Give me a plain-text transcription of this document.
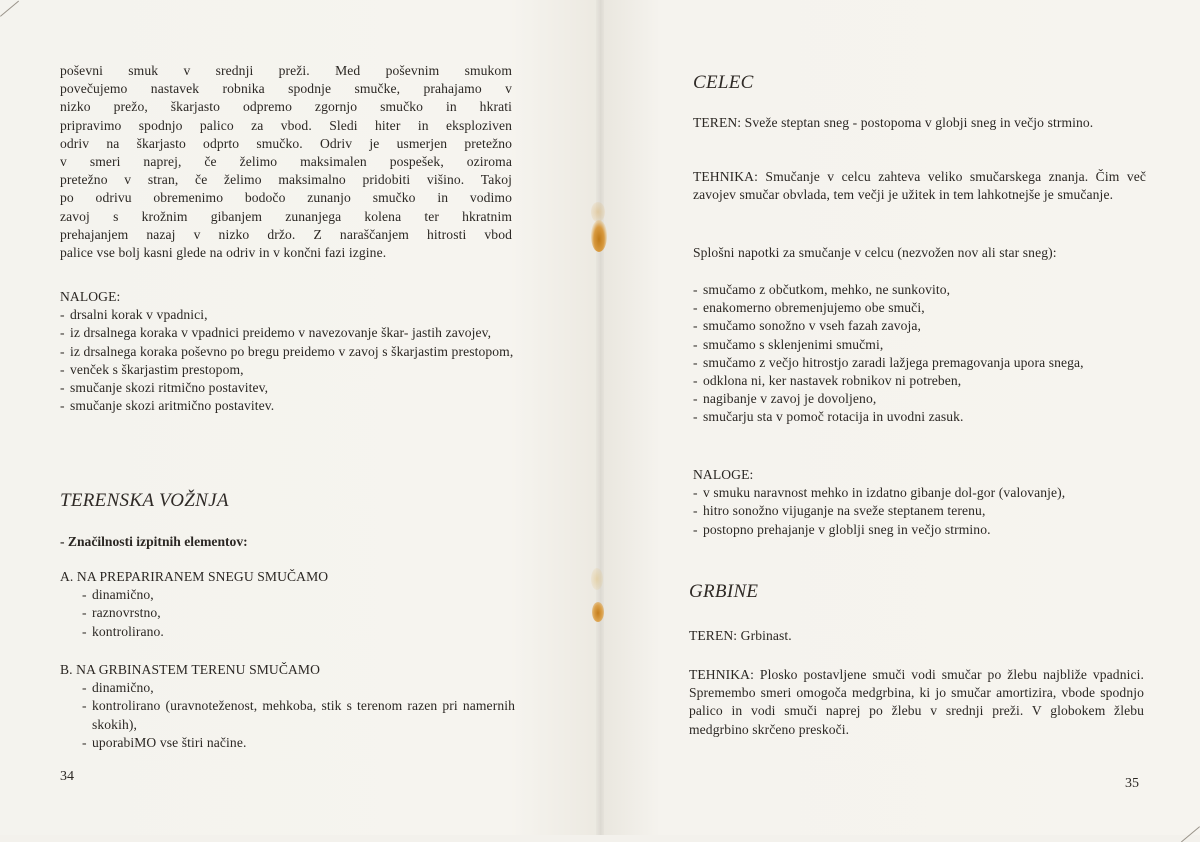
poševni smuk v srednji preži. Med poševnim smukom
povečujemo nastavek robnika spodnje smučke, prahajamo v
nizko prežo, škarjasto odpremo zgornjo smučko in hkrati
pripravimo spodnjo palico za vbod. Sledi hiter in eksploziven
odriv na škarjasto odprto smučko. Odriv je usmerjen pretežno
v smeri naprej, če želimo maksimalen pospešek, oziroma
pretežno v stran, če želimo maksimalno pridobiti višino. Takoj
po odrivu obremenimo bodočo zunanjo smučko in vodimo
zavoj s krožnim gibanjem zunanjega kolena ter hkratnim
prehajanjem nazaj v nizko držo. Z naraščanjem hitrosti vbod
palice vse bolj kasni glede na odriv in v končni fazi izgine.
NALOGE:
- drsalni korak v vpadnici,
- iz drsalnega koraka v vpadnici preidemo v navezovanje škar- jastih zavojev,
- iz drsalnega koraka poševno po bregu preidemo v zavoj s škarjastim prestopom,
- venček s škarjastim prestopom,
- smučanje skozi ritmično postavitev,
- smučanje skozi aritmično postavitev.
TERENSKA VOŽNJA
- Značilnosti izpitnih elementov:
A. NA PREPARIRANEM SNEGU SMUČAMO
- dinamično,
- raznovrstno,
- kontrolirano.
B. NA GRBINASTEM TERENU SMUČAMO
- dinamično,
- kontrolirano (uravnoteženost, mehkoba, stik s terenom razen pri namernih skokih),
- uporabiMO vse štiri načine.
34
CELEC
TEREN: Sveže steptan sneg - postopoma v globji sneg in večjo strmino.
TEHNIKA: Smučanje v celcu zahteva veliko smučarskega znanja. Čim več zavojev smučar obvlada, tem večji je užitek in tem lahkotnejše je smučanje.
Splošni napotki za smučanje v celcu (nezvožen nov ali star sneg):
- smučamo z občutkom, mehko, ne sunkovito,
- enakomerno obremenjujemo obe smuči,
- smučamo sonožno v vseh fazah zavoja,
- smučamo s sklenjenimi smučmi,
- smučamo z večjo hitrostjo zaradi lažjega premagovanja upora snega,
- odklona ni, ker nastavek robnikov ni potreben,
- nagibanje v zavoj je dovoljeno,
- smučarju sta v pomoč rotacija in uvodni zasuk.
NALOGE:
- v smuku naravnost mehko in izdatno gibanje dol-gor (valovanje),
- hitro sonožno vijuganje na sveže steptanem terenu,
- postopno prehajanje v globlji sneg in večjo strmino.
GRBINE
TEREN: Grbinast.
TEHNIKA: Plosko postavljene smuči vodi smučar po žlebu najbliže vpadnici. Spremembo smeri omogoča medgrbina, ki jo smučar amortizira, vbode spodnjo palico in vodi smuči naprej po žlebu v srednji preži. V globokem žlebu medgrbino skrčeno preskoči.
35
